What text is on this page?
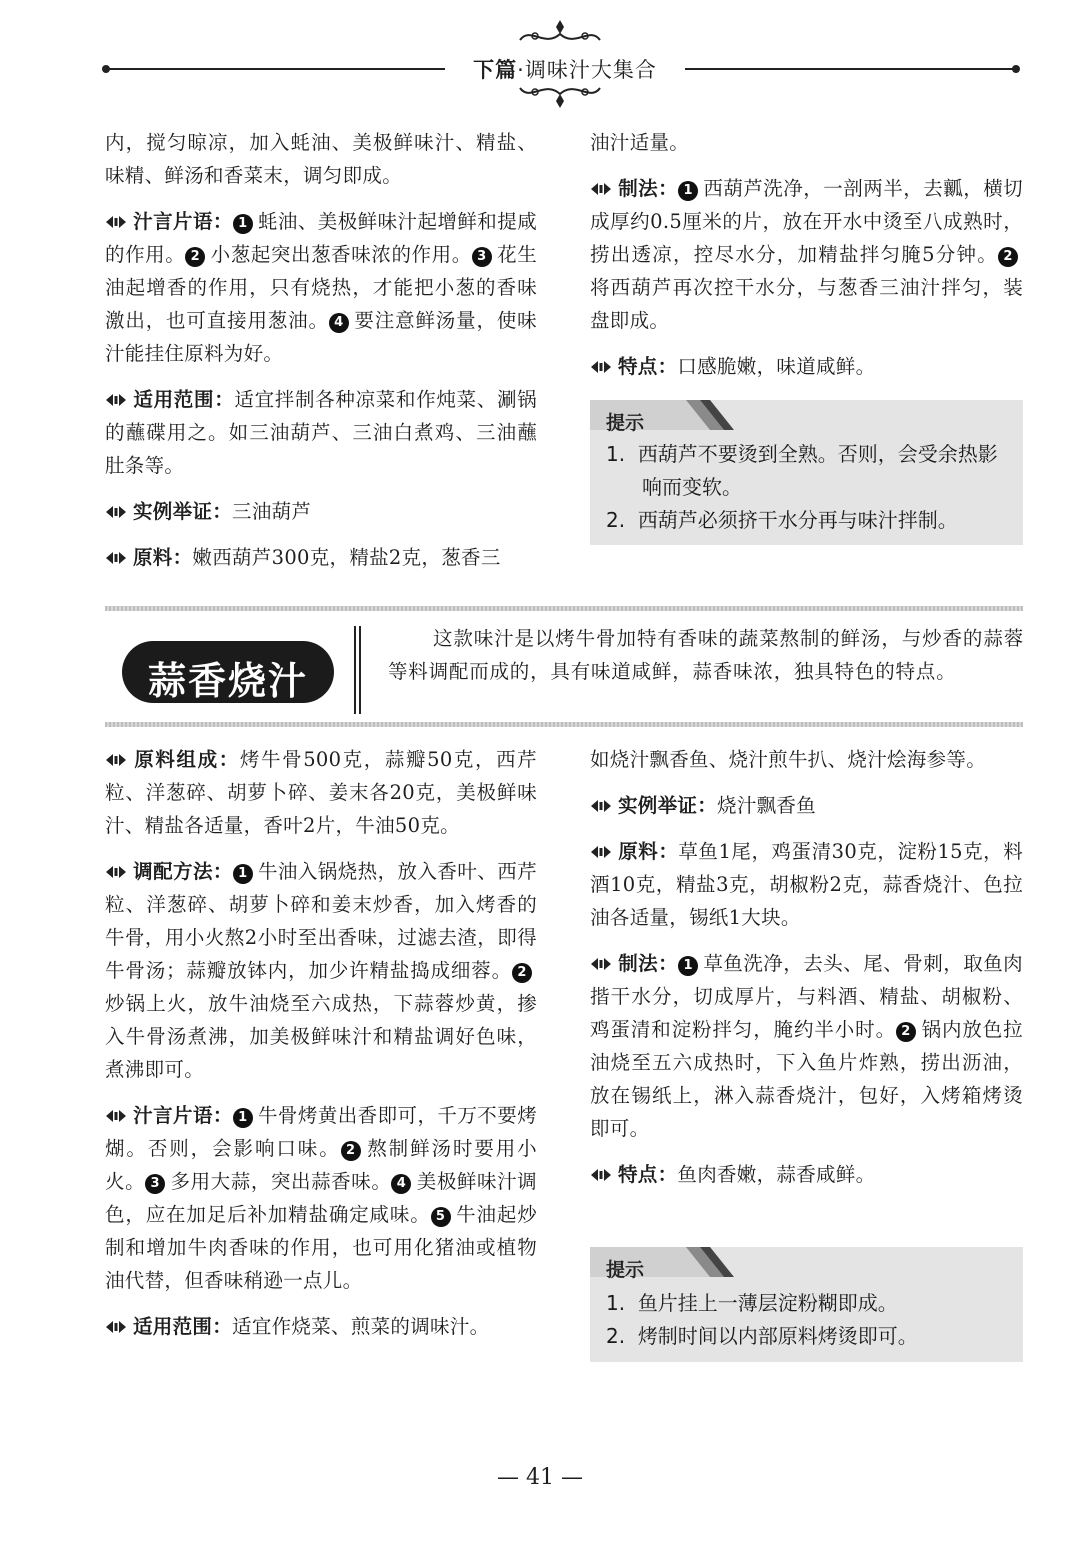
下篇·调味汁大集合

内，搅匀晾凉，加入蚝油、美极鲜味汁、精盐、味精、鲜汤和香菜末，调匀即成。

汁言片语： 1 蚝油、美极鲜味汁起增鲜和提咸的作用。 2 小葱起突出葱香味浓的作用。 3 花生油起增香的作用，只有烧热，才能把小葱的香味激出，也可直接用葱油。 4 要注意鲜汤量，使味汁能挂住原料为好。

适用范围：适宜拌制各种凉菜和作炖菜、涮锅的蘸碟用之。如三油葫芦、三油白煮鸡、三油蘸肚条等。

实例举证：三油葫芦

原料：嫩西葫芦300克，精盐2克，葱香三

油汁适量。

制法： 1 西葫芦洗净，一剖两半，去瓤，横切成厚约0.5厘米的片，放在开水中烫至八成熟时，捞出透凉，控尽水分，加精盐拌匀腌5分钟。 2将西葫芦再次控干水分，与葱香三油汁拌匀，装盘即成。

特点：口感脆嫩，味道咸鲜。

提示
1. 西葫芦不要烫到全熟。否则，会受余热影响而变软。
2. 西葫芦必须挤干水分再与味汁拌制。
蒜香烧汁

这款味汁是以烤牛骨加特有香味的蔬菜熬制的鲜汤，与炒香的蒜蓉等料调配而成的，具有味道咸鲜，蒜香味浓，独具特色的特点。

原料组成：烤牛骨500克，蒜瓣50克，西芹粒、洋葱碎、胡萝卜碎、姜末各20克，美极鲜味汁、精盐各适量，香叶2片，牛油50克。

调配方法： 1 牛油入锅烧热，放入香叶、西芹粒、洋葱碎、胡萝卜碎和姜末炒香，加入烤香的牛骨，用小火熬2小时至出香味，过滤去渣，即得牛骨汤；蒜瓣放钵内，加少许精盐捣成细蓉。 2炒锅上火，放牛油烧至六成热，下蒜蓉炒黄，掺入牛骨汤煮沸，加美极鲜味汁和精盐调好色味，煮沸即可。

汁言片语： 1 牛骨烤黄出香即可，千万不要烤煳。否则，会影响口味。 2 熬制鲜汤时要用小火。 3 多用大蒜，突出蒜香味。 4 美极鲜味汁调色，应在加足后补加精盐确定咸味。 5 牛油起炒制和增加牛肉香味的作用，也可用化猪油或植物油代替，但香味稍逊一点儿。

适用范围：适宜作烧菜、煎菜的调味汁。

如烧汁飘香鱼、烧汁煎牛扒、烧汁烩海参等。

实例举证：烧汁飘香鱼

原料：草鱼1尾，鸡蛋清30克，淀粉15克，料酒10克，精盐3克，胡椒粉2克，蒜香烧汁、色拉油各适量，锡纸1大块。

制法： 1 草鱼洗净，去头、尾、骨刺，取鱼肉揩干水分，切成厚片，与料酒、精盐、胡椒粉、鸡蛋清和淀粉拌匀，腌约半小时。 2 锅内放色拉油烧至五六成热时，下入鱼片炸熟，捞出沥油，放在锡纸上，淋入蒜香烧汁，包好，入烤箱烤烫即可。

特点：鱼肉香嫩，蒜香咸鲜。

提示
1. 鱼片挂上一薄层淀粉糊即成。
2. 烤制时间以内部原料烤烫即可。
— 41 —
